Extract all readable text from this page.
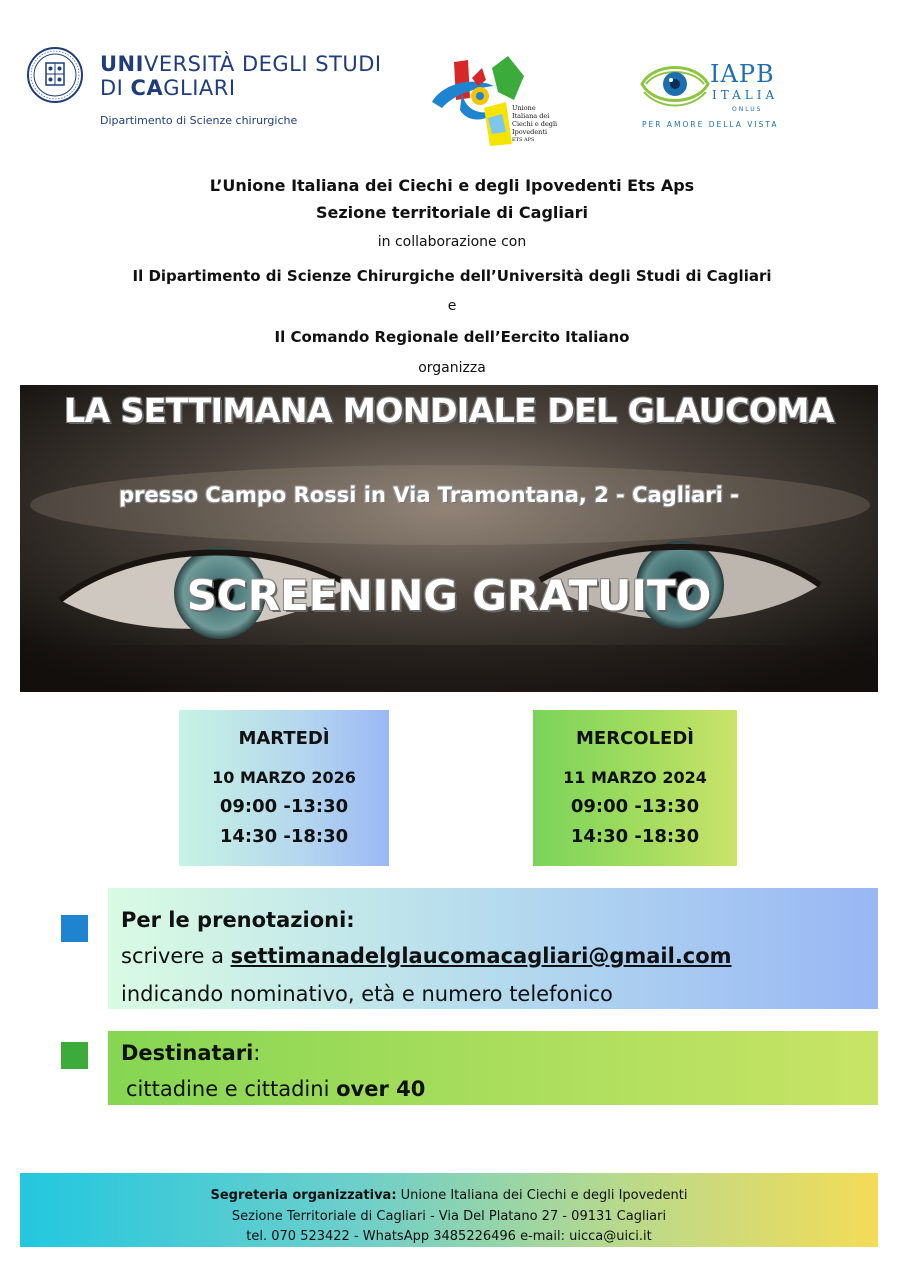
UNIVERSITÀ DEGLI STUDI
DI CAGLIARI
Dipartimento di Scienze chirurgiche
Unione Italiana dei Ciechi e degli Ipovedenti
ETS APS
IAPB
ITALIA
ONLUS
PER AMORE DELLA VISTA
L’Unione Italiana dei Ciechi e degli Ipovedenti Ets Aps
Sezione territoriale di Cagliari
in collaborazione con
Il Dipartimento di Scienze Chirurgiche dell’Università degli Studi di Cagliari
e
Il Comando Regionale dell’Eercito Italiano
organizza
LA SETTIMANA MONDIALE DEL GLAUCOMA
presso Campo Rossi in Via Tramontana, 2 - Cagliari -
SCREENING GRATUITO
MARTEDÌ
10 MARZO 2026
09:00 -13:30
14:30 -18:30
MERCOLEDÌ
11 MARZO 2024
09:00 -13:30
14:30 -18:30
Per le prenotazioni:
scrivere a settimanadelglaucomacagliari@gmail.com
indicando nominativo, età e numero telefonico
Destinatari:
cittadine e cittadini over 40
Segreteria organizzativa: Unione Italiana dei Ciechi e degli Ipovedenti
Sezione Territoriale di Cagliari - Via Del Platano 27 - 09131 Cagliari
tel. 070 523422 - WhatsApp 3485226496 e-mail: uicca@uici.it
